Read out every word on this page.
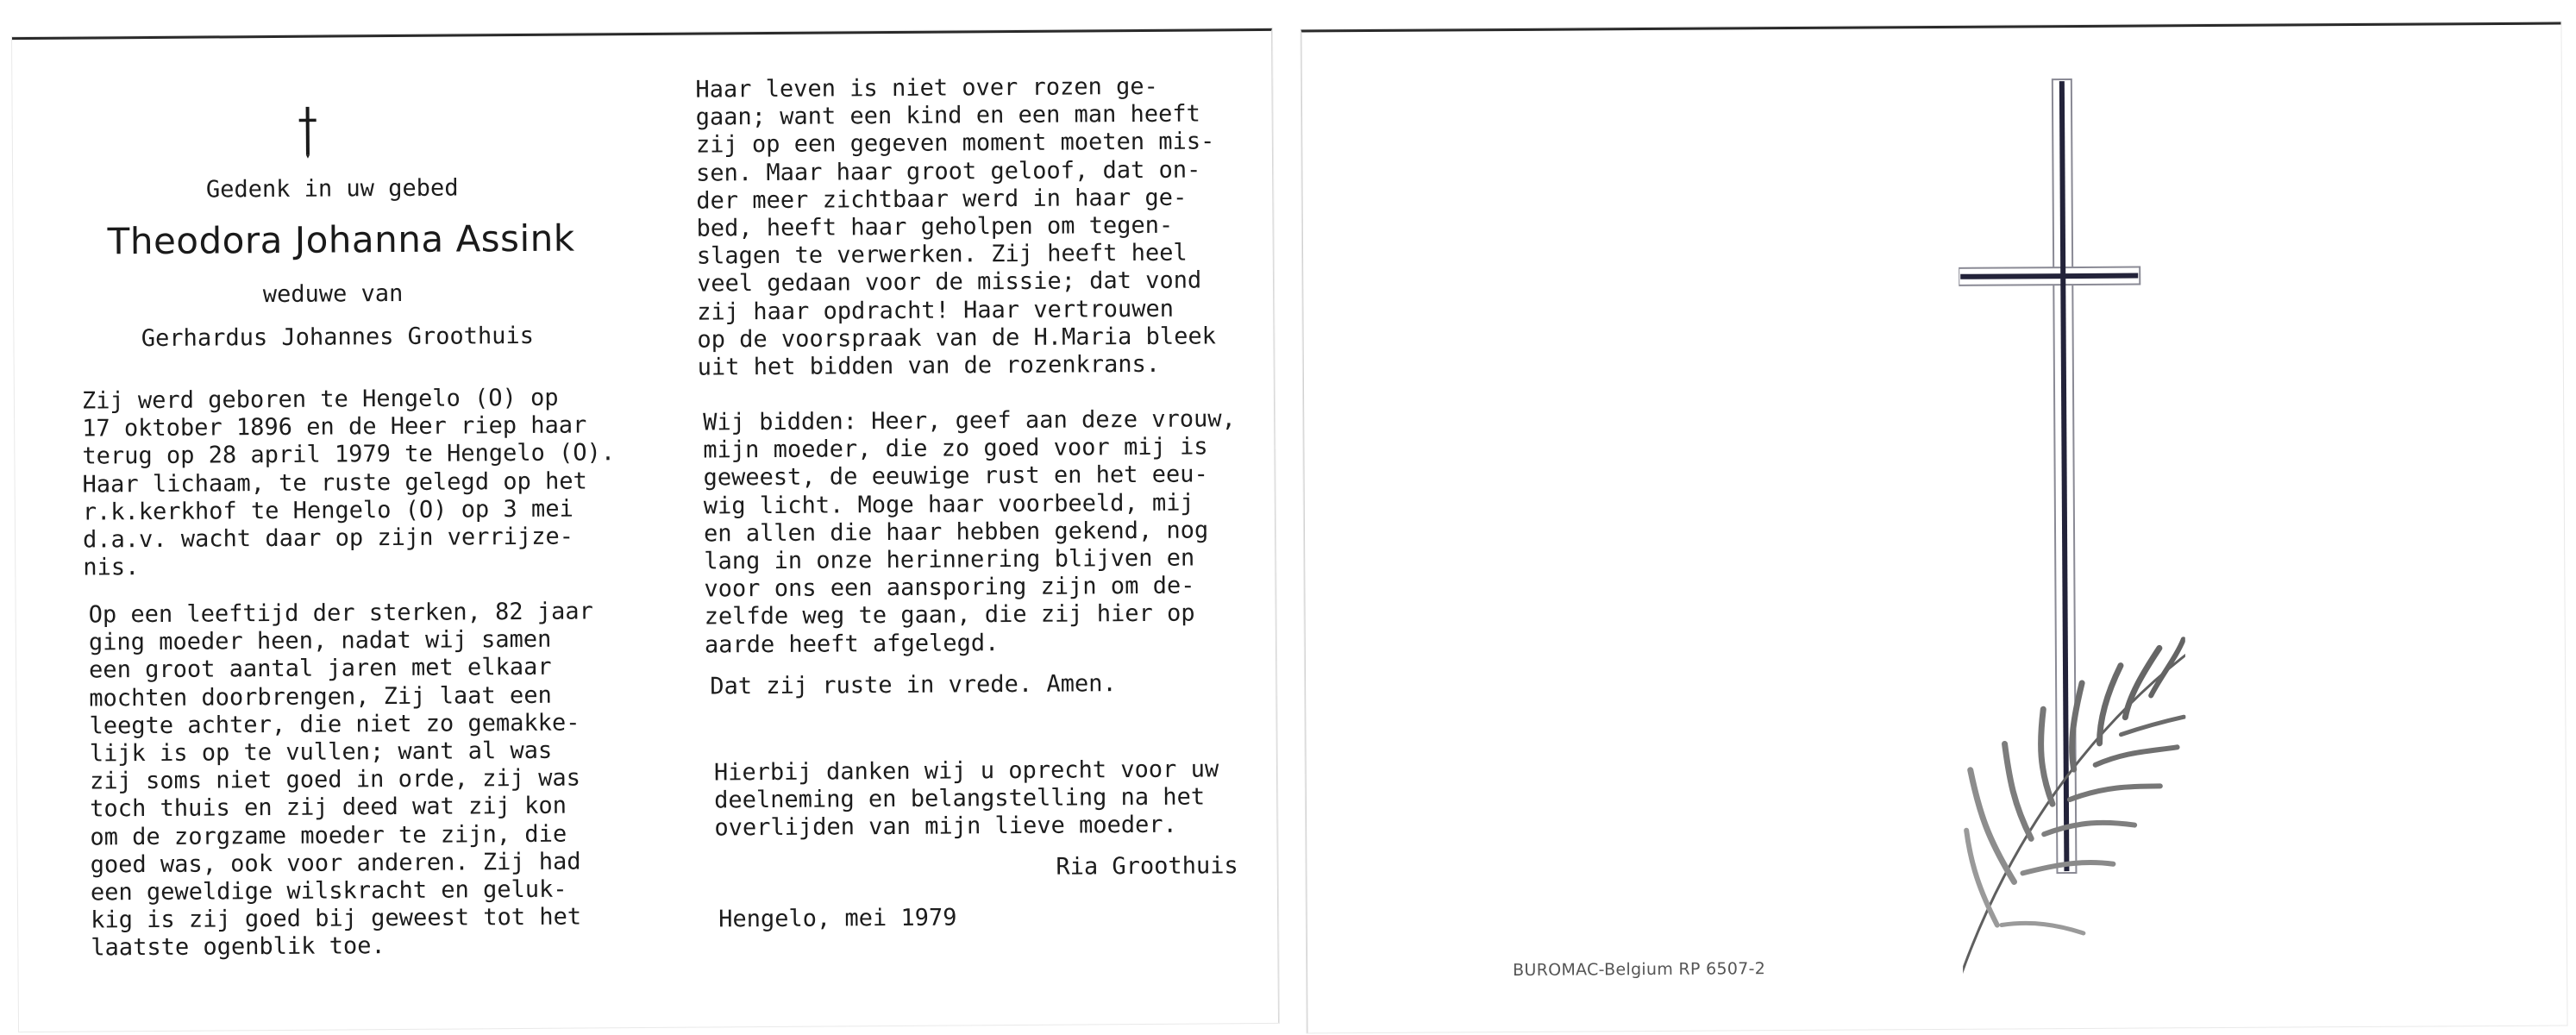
Gedenk in uw gebed
Theodora Johanna Assink
weduwe van
Gerhardus Johannes Groothuis

Zij werd geboren te Hengelo (O) op
17 oktober 1896 en de Heer riep haar
terug op 28 april 1979 te Hengelo (O).
Haar lichaam, te ruste gelegd op het
r.k.kerkhof te Hengelo (O) op 3 mei
d.a.v. wacht daar op zijn verrijze-
nis.

Op een leeftijd der sterken, 82 jaar
ging moeder heen, nadat wij samen
een groot aantal jaren met elkaar
mochten doorbrengen, Zij laat een
leegte achter, die niet zo gemakke-
lijk is op te vullen; want al was
zij soms niet goed in orde, zij was
toch thuis en zij deed wat zij kon
om de zorgzame moeder te zijn, die
goed was, ook voor anderen. Zij had
een geweldige wilskracht en geluk-
kig is zij goed bij geweest tot het
laatste ogenblik toe.

Haar leven is niet over rozen ge-
gaan; want een kind en een man heeft
zij op een gegeven moment moeten mis-
sen. Maar haar groot geloof, dat on-
der meer zichtbaar werd in haar ge-
bed, heeft haar geholpen om tegen-
slagen te verwerken. Zij heeft heel
veel gedaan voor de missie; dat vond
zij haar opdracht! Haar vertrouwen
op de voorspraak van de H.Maria bleek
uit het bidden van de rozenkrans.

Wij bidden: Heer, geef aan deze vrouw,
mijn moeder, die zo goed voor mij is
geweest, de eeuwige rust en het eeu-
wig licht. Moge haar voorbeeld, mij
en allen die haar hebben gekend, nog
lang in onze herinnering blijven en
voor ons een aansporing zijn om de-
zelfde weg te gaan, die zij hier op
aarde heeft afgelegd.

Dat zij ruste in vrede. Amen.

Hierbij danken wij u oprecht voor uw
deelneming en belangstelling na het
overlijden van mijn lieve moeder.

Ria Groothuis
Hengelo, mei 1979
BUROMAC-Belgium RP 6507-2
